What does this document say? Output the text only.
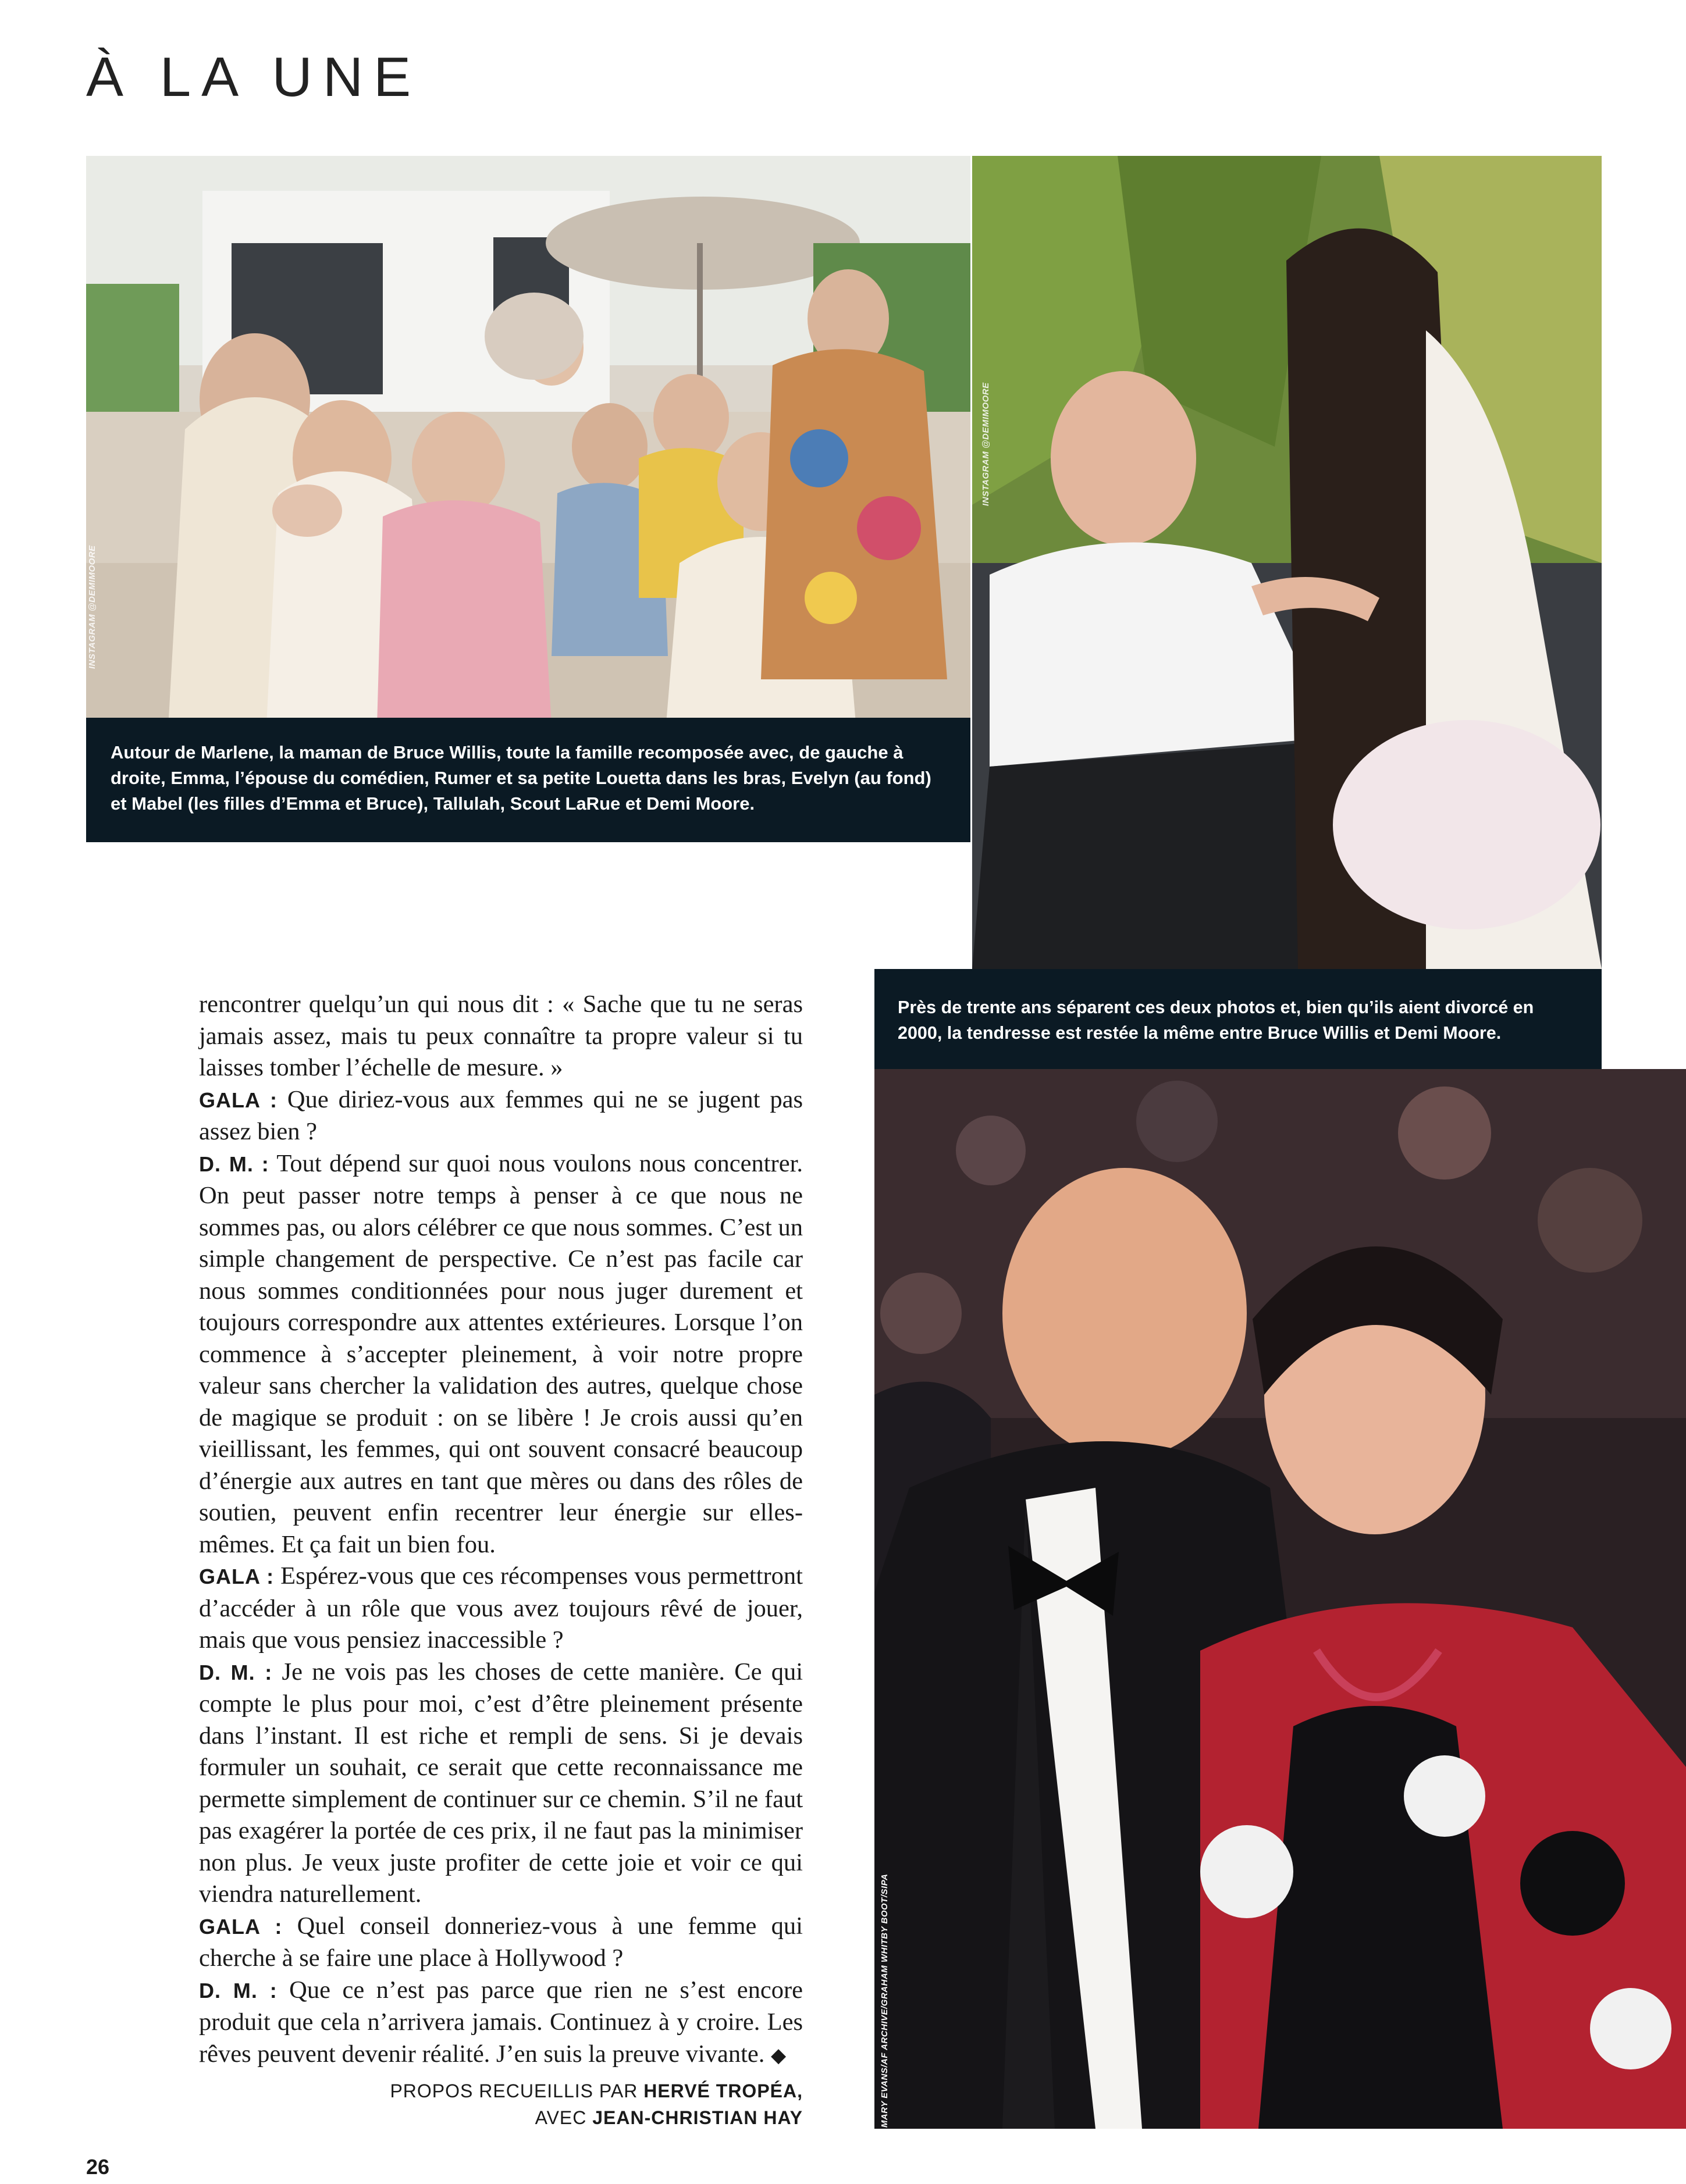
À LA UNE
INSTAGRAM @DEMIMOORE

Autour de Marlene, la maman de Bruce Willis, toute la famille recomposée avec, de gauche à droite, Emma, l’épouse du comédien, Rumer et sa petite Louetta dans les bras, Evelyn (au fond) et Mabel (les filles d’Emma et Bruce), Tallulah, Scout LaRue et Demi Moore.

INSTAGRAM @DEMIMOORE

Près de trente ans séparent ces deux photos et, bien qu’ils aient divorcé en 2000, la tendresse est restée la même entre Bruce Willis et Demi Moore.

MARY EVANS/AF ARCHIVE/GRAHAM WHITBY BOOT/SIPA

rencontrer quelqu’un qui nous dit : « Sache que tu ne seras jamais assez, mais tu peux connaître ta propre valeur si tu laisses tomber l’échelle de mesure. »

GALA : Que diriez-vous aux femmes qui ne se jugent pas assez bien ?

D. M. : Tout dépend sur quoi nous voulons nous concentrer. On peut passer notre temps à penser à ce que nous ne sommes pas, ou alors célébrer ce que nous sommes. C’est un simple changement de perspective. Ce n’est pas facile car nous sommes conditionnées pour nous juger durement et toujours correspondre aux attentes extérieures. Lorsque l’on commence à s’accepter pleinement, à voir notre propre valeur sans chercher la validation des autres, quelque chose de magique se produit : on se libère ! Je crois aussi qu’en vieillissant, les femmes, qui ont souvent consacré beaucoup d’énergie aux autres en tant que mères ou dans des rôles de soutien, peuvent enfin recentrer leur énergie sur elles-mêmes. Et ça fait un bien fou.

GALA : Espérez-vous que ces récompenses vous permettront d’accéder à un rôle que vous avez toujours rêvé de jouer, mais que vous pensiez inaccessible ?

D. M. : Je ne vois pas les choses de cette manière. Ce qui compte le plus pour moi, c’est d’être pleinement présente dans l’instant. Il est riche et rempli de sens. Si je devais formuler un souhait, ce serait que cette reconnaissance me permette simplement de continuer sur ce chemin. S’il ne faut pas exagérer la portée de ces prix, il ne faut pas la minimiser non plus. Je veux juste profiter de cette joie et voir ce qui viendra naturellement.

GALA : Quel conseil donneriez-vous à une femme qui cherche à se faire une place à Hollywood ?

D. M. : Que ce n’est pas parce que rien ne s’est encore produit que cela n’arrivera jamais. Continuez à y croire. Les rêves peuvent devenir réalité. J’en suis la preuve vivante. ◆

PROPOS RECUEILLIS PAR HERVÉ TROPÉA,
AVEC JEAN-CHRISTIAN HAY
26
